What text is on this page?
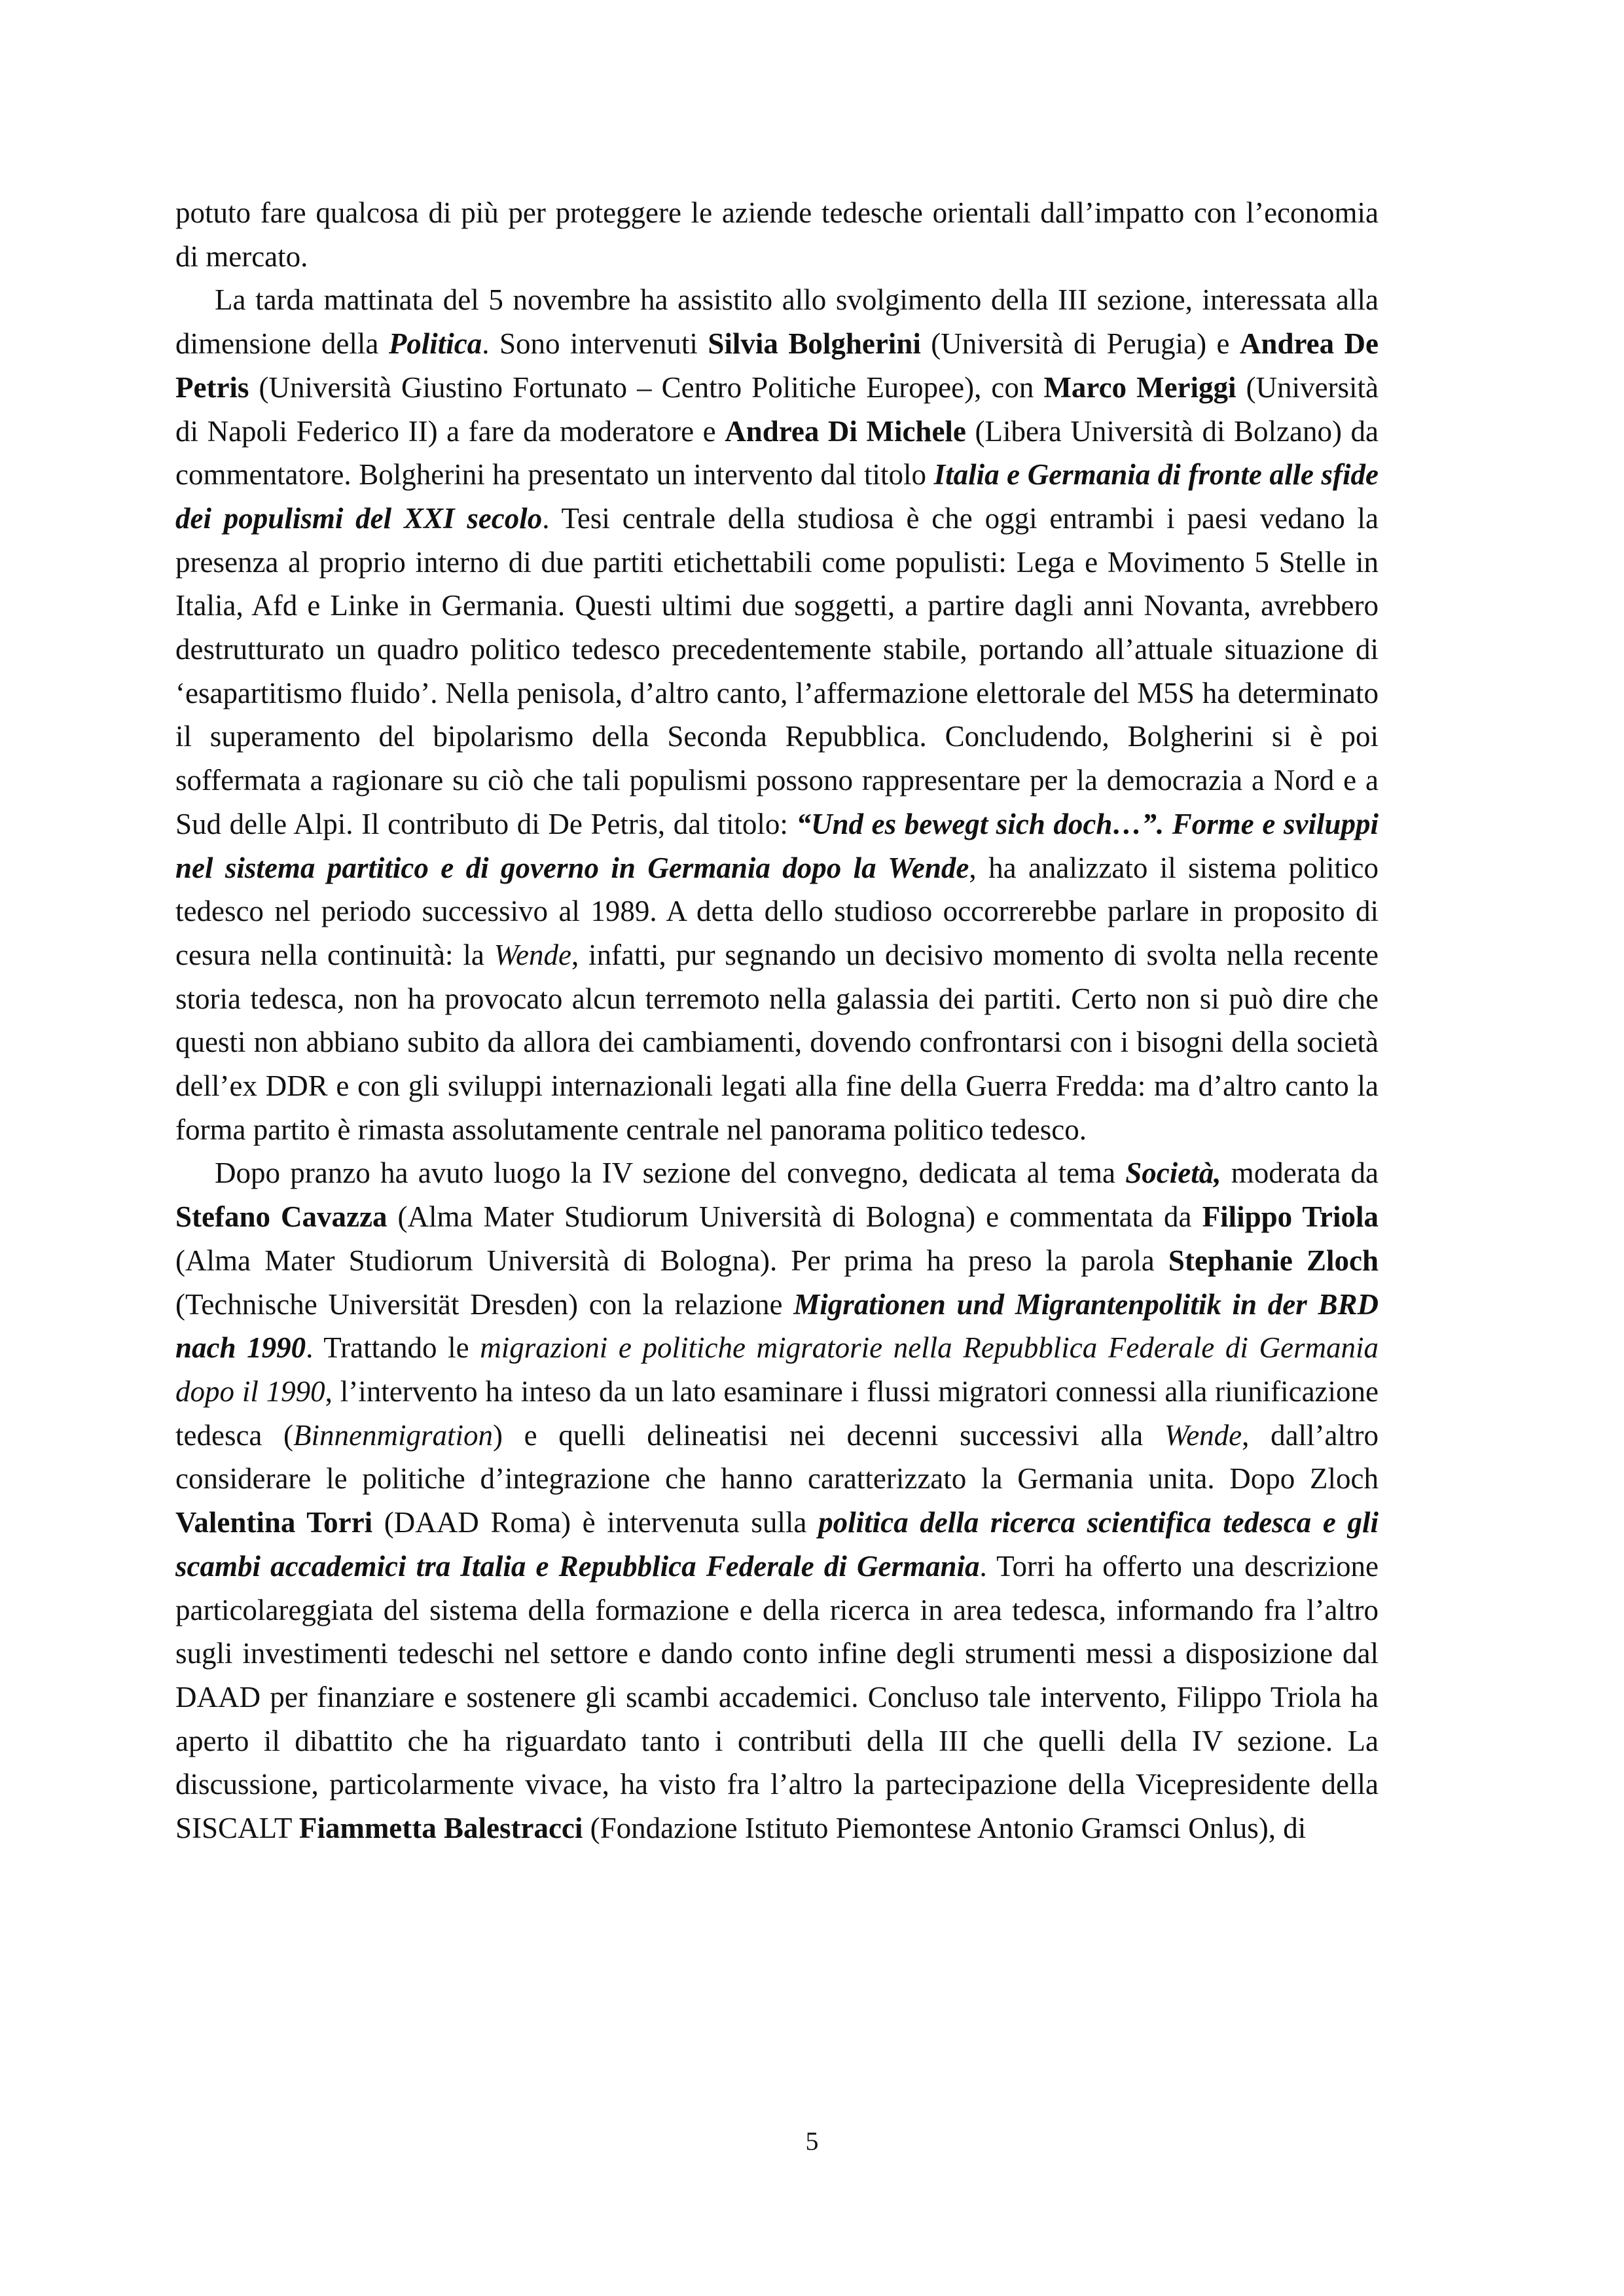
potuto fare qualcosa di più per proteggere le aziende tedesche orientali dall’impatto con l’economia di mercato.

La tarda mattinata del 5 novembre ha assistito allo svolgimento della III sezione, interessata alla dimensione della Politica. Sono intervenuti Silvia Bolgherini (Università di Perugia) e Andrea De Petris (Università Giustino Fortunato – Centro Politiche Europee), con Marco Meriggi (Università di Napoli Federico II) a fare da moderatore e Andrea Di Michele (Libera Università di Bolzano) da commentatore. Bolgherini ha presentato un intervento dal titolo Italia e Germania di fronte alle sfide dei populismi del XXI secolo. Tesi centrale della studiosa è che oggi entrambi i paesi vedano la presenza al proprio interno di due partiti etichettabili come populisti: Lega e Movimento 5 Stelle in Italia, Afd e Linke in Germania. Questi ultimi due soggetti, a partire dagli anni Novanta, avrebbero destrutturato un quadro politico tedesco precedentemente stabile, portando all’attuale situazione di ‘esapartitismo fluido’. Nella penisola, d’altro canto, l’affermazione elettorale del M5S ha determinato il superamento del bipolarismo della Seconda Repubblica. Concludendo, Bolgherini si è poi soffermata a ragionare su ciò che tali populismi possono rappresentare per la democrazia a Nord e a Sud delle Alpi. Il contributo di De Petris, dal titolo: “Und es bewegt sich doch…”. Forme e sviluppi nel sistema partitico e di governo in Germania dopo la Wende, ha analizzato il sistema politico tedesco nel periodo successivo al 1989. A detta dello studioso occorrerebbe parlare in proposito di cesura nella continuità: la Wende, infatti, pur segnando un decisivo momento di svolta nella recente storia tedesca, non ha provocato alcun terremoto nella galassia dei partiti. Certo non si può dire che questi non abbiano subito da allora dei cambiamenti, dovendo confrontarsi con i bisogni della società dell’ex DDR e con gli sviluppi internazionali legati alla fine della Guerra Fredda: ma d’altro canto la forma partito è rimasta assolutamente centrale nel panorama politico tedesco.

Dopo pranzo ha avuto luogo la IV sezione del convegno, dedicata al tema Società, moderata da Stefano Cavazza (Alma Mater Studiorum Università di Bologna) e commentata da Filippo Triola (Alma Mater Studiorum Università di Bologna). Per prima ha preso la parola Stephanie Zloch (Technische Universität Dresden) con la relazione Migrationen und Migrantenpolitik in der BRD nach 1990. Trattando le migrazioni e politiche migratorie nella Repubblica Federale di Germania dopo il 1990, l’intervento ha inteso da un lato esaminare i flussi migratori connessi alla riunificazione tedesca (Binnenmigration) e quelli delineatisi nei decenni successivi alla Wende, dall’altro considerare le politiche d’integrazione che hanno caratterizzato la Germania unita. Dopo Zloch Valentina Torri (DAAD Roma) è intervenuta sulla politica della ricerca scientifica tedesca e gli scambi accademici tra Italia e Repubblica Federale di Germania. Torri ha offerto una descrizione particolareggiata del sistema della formazione e della ricerca in area tedesca, informando fra l’altro sugli investimenti tedeschi nel settore e dando conto infine degli strumenti messi a disposizione dal DAAD per finanziare e sostenere gli scambi accademici. Concluso tale intervento, Filippo Triola ha aperto il dibattito che ha riguardato tanto i contributi della III che quelli della IV sezione. La discussione, particolarmente vivace, ha visto fra l’altro la partecipazione della Vicepresidente della SISCALT Fiammetta Balestracci (Fondazione Istituto Piemontese Antonio Gramsci Onlus), di

5
